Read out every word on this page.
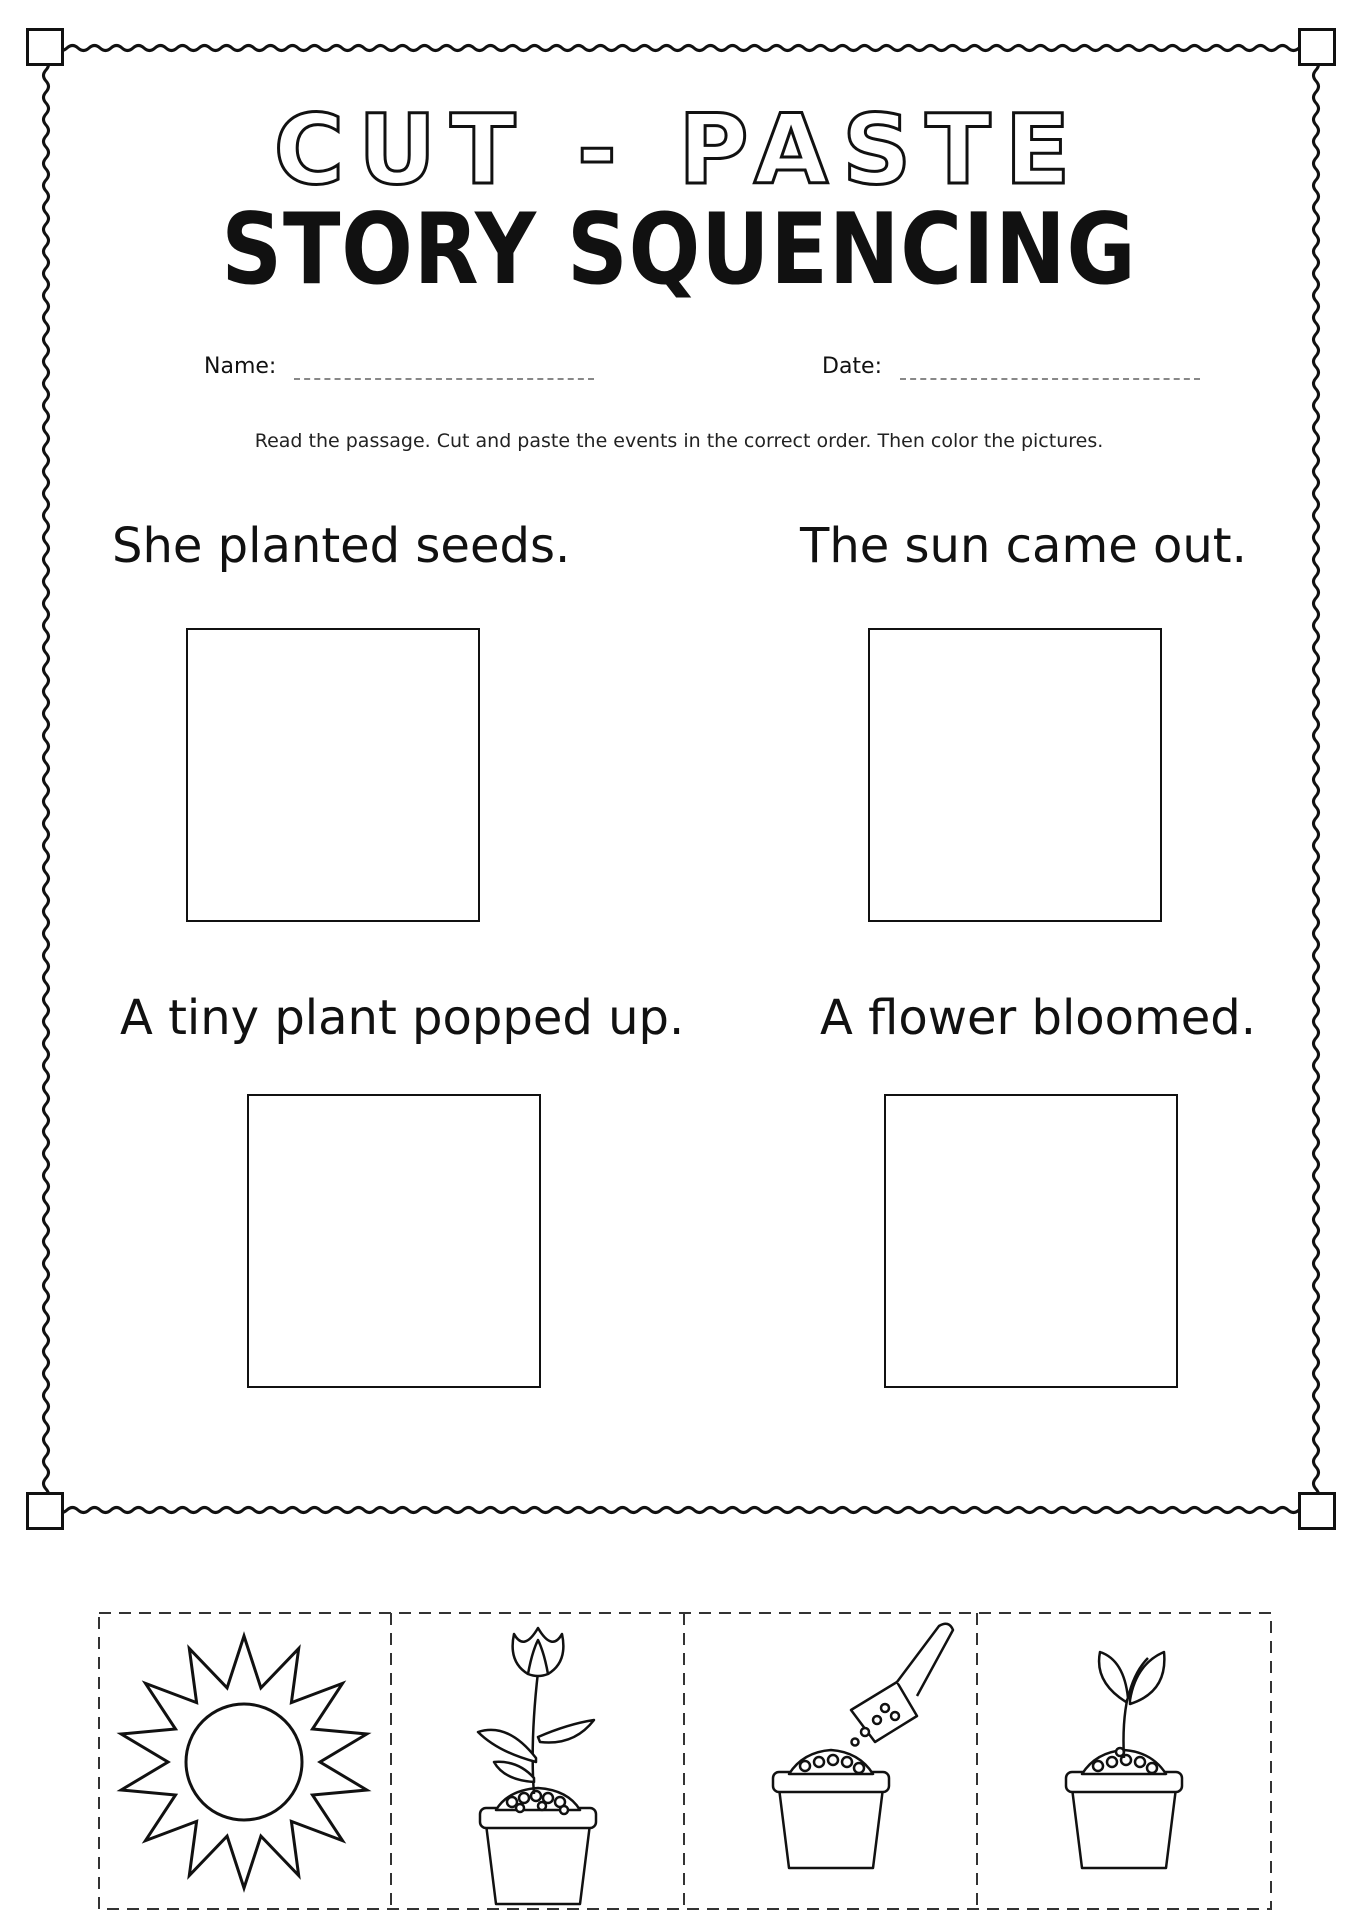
CUT - PASTE
STORY SQUENCING
Name:	Date:
Read the passage. Cut and paste the events in the correct order. Then color the pictures.
She planted seeds.	The sun came out.
A tiny plant popped up.	A flower bloomed.
